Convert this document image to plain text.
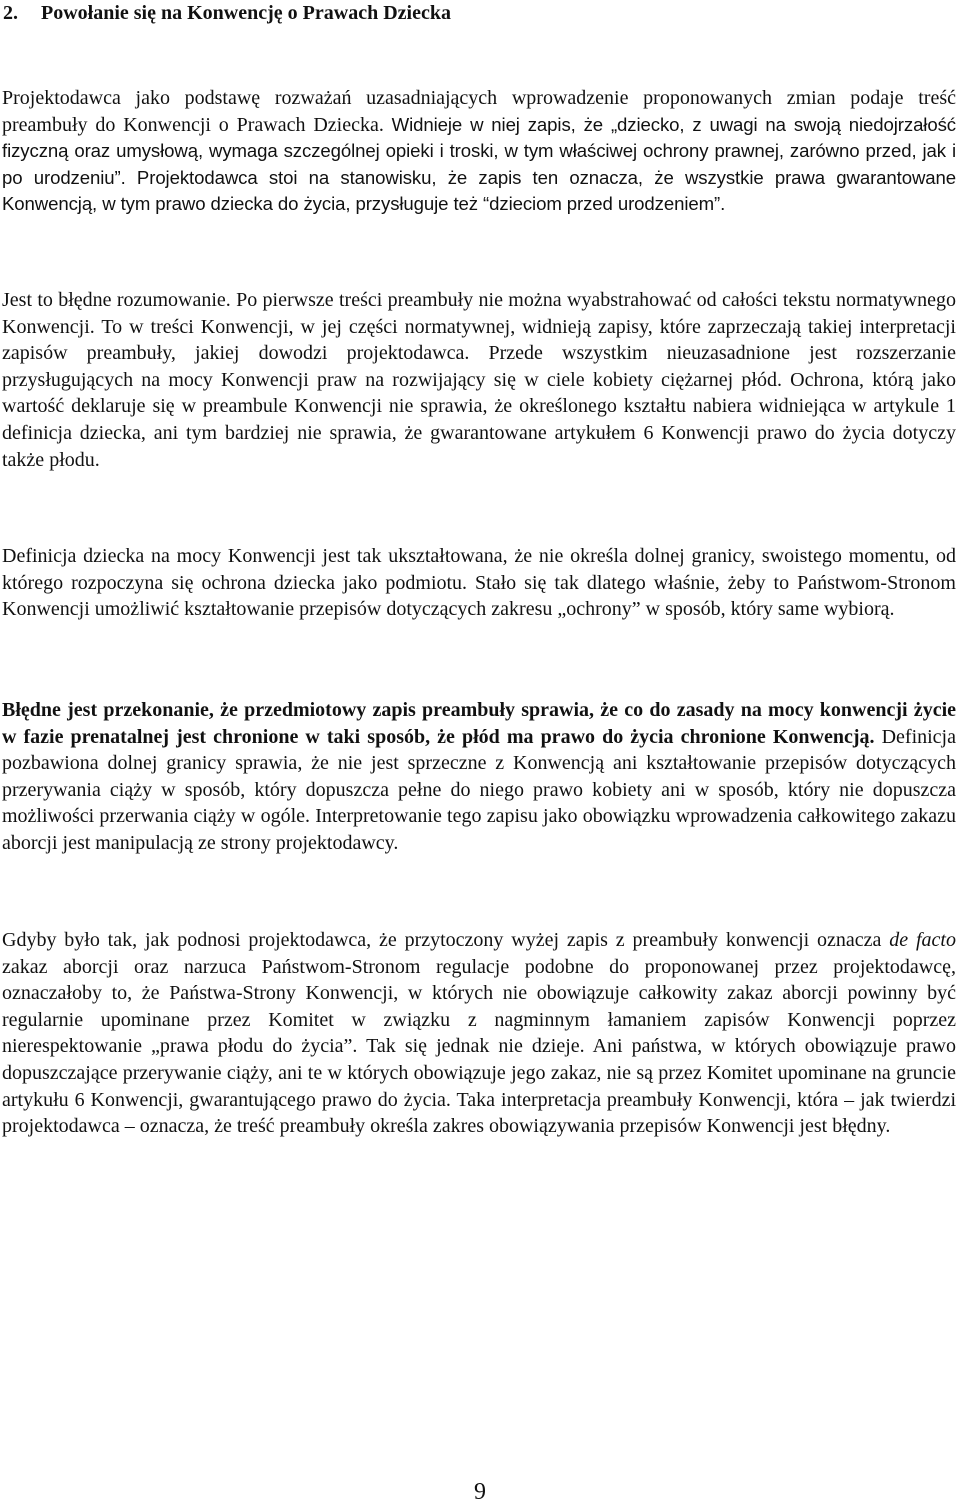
2. Powołanie się na Konwencję o Prawach Dziecka

Projektodawca jako podstawę rozważań uzasadniających wprowadzenie proponowanych zmian podaje treść preambuły do Konwencji o Prawach Dziecka. Widnieje w niej zapis, że „dziecko, z uwagi na swoją niedojrzałość fizyczną oraz umysłową, wymaga szczególnej opieki i troski, w tym właściwej ochrony prawnej, zarówno przed, jak i po urodzeniu”. Projektodawca stoi na stanowisku, że zapis ten oznacza, że wszystkie prawa gwarantowane Konwencją, w tym prawo dziecka do życia, przysługuje też “dzieciom przed urodzeniem”.

Jest to błędne rozumowanie. Po pierwsze treści preambuły nie można wyabstrahować od całości tekstu normatywnego Konwencji. To w treści Konwencji, w jej części normatywnej, widnieją zapisy, które zaprzeczają takiej interpretacji zapisów preambuły, jakiej dowodzi projektodawca. Przede wszystkim nieuzasadnione jest rozszerzanie przysługujących na mocy Konwencji praw na rozwijający się w ciele kobiety ciężarnej płód. Ochrona, którą jako wartość deklaruje się w preambule Konwencji nie sprawia, że określonego kształtu nabiera widniejąca w artykule 1 definicja dziecka, ani tym bardziej nie sprawia, że gwarantowane artykułem 6 Konwencji prawo do życia dotyczy także płodu.

Definicja dziecka na mocy Konwencji jest tak ukształtowana, że nie określa dolnej granicy, swoistego momentu, od którego rozpoczyna się ochrona dziecka jako podmiotu. Stało się tak dlatego właśnie, żeby to Państwom-Stronom Konwencji umożliwić kształtowanie przepisów dotyczących zakresu „ochrony” w sposób, który same wybiorą.

Błędne jest przekonanie, że przedmiotowy zapis preambuły sprawia, że co do zasady na mocy konwencji życie w fazie prenatalnej jest chronione w taki sposób, że płód ma prawo do życia chronione Konwencją. Definicja pozbawiona dolnej granicy sprawia, że nie jest sprzeczne z Konwencją ani kształtowanie przepisów dotyczących przerywania ciąży w sposób, który dopuszcza pełne do niego prawo kobiety ani w sposób, który nie dopuszcza możliwości przerwania ciąży w ogóle. Interpretowanie tego zapisu jako obowiązku wprowadzenia całkowitego zakazu aborcji jest manipulacją ze strony projektodawcy.

Gdyby było tak, jak podnosi projektodawca, że przytoczony wyżej zapis z preambuły konwencji oznacza de facto zakaz aborcji oraz narzuca Państwom-Stronom regulacje podobne do proponowanej przez projektodawcę, oznaczałoby to, że Państwa-Strony Konwencji, w których nie obowiązuje całkowity zakaz aborcji powinny być regularnie upominane przez Komitet w związku z nagminnym łamaniem zapisów Konwencji poprzez nierespektowanie „prawa płodu do życia”. Tak się jednak nie dzieje. Ani państwa, w których obowiązuje prawo dopuszczające przerywanie ciąży, ani te w których obowiązuje jego zakaz, nie są przez Komitet upominane na gruncie artykułu 6 Konwencji, gwarantującego prawo do życia. Taka interpretacja preambuły Konwencji, która – jak twierdzi projektodawca – oznacza, że treść preambuły określa zakres obowiązywania przepisów Konwencji jest błędny.

9
